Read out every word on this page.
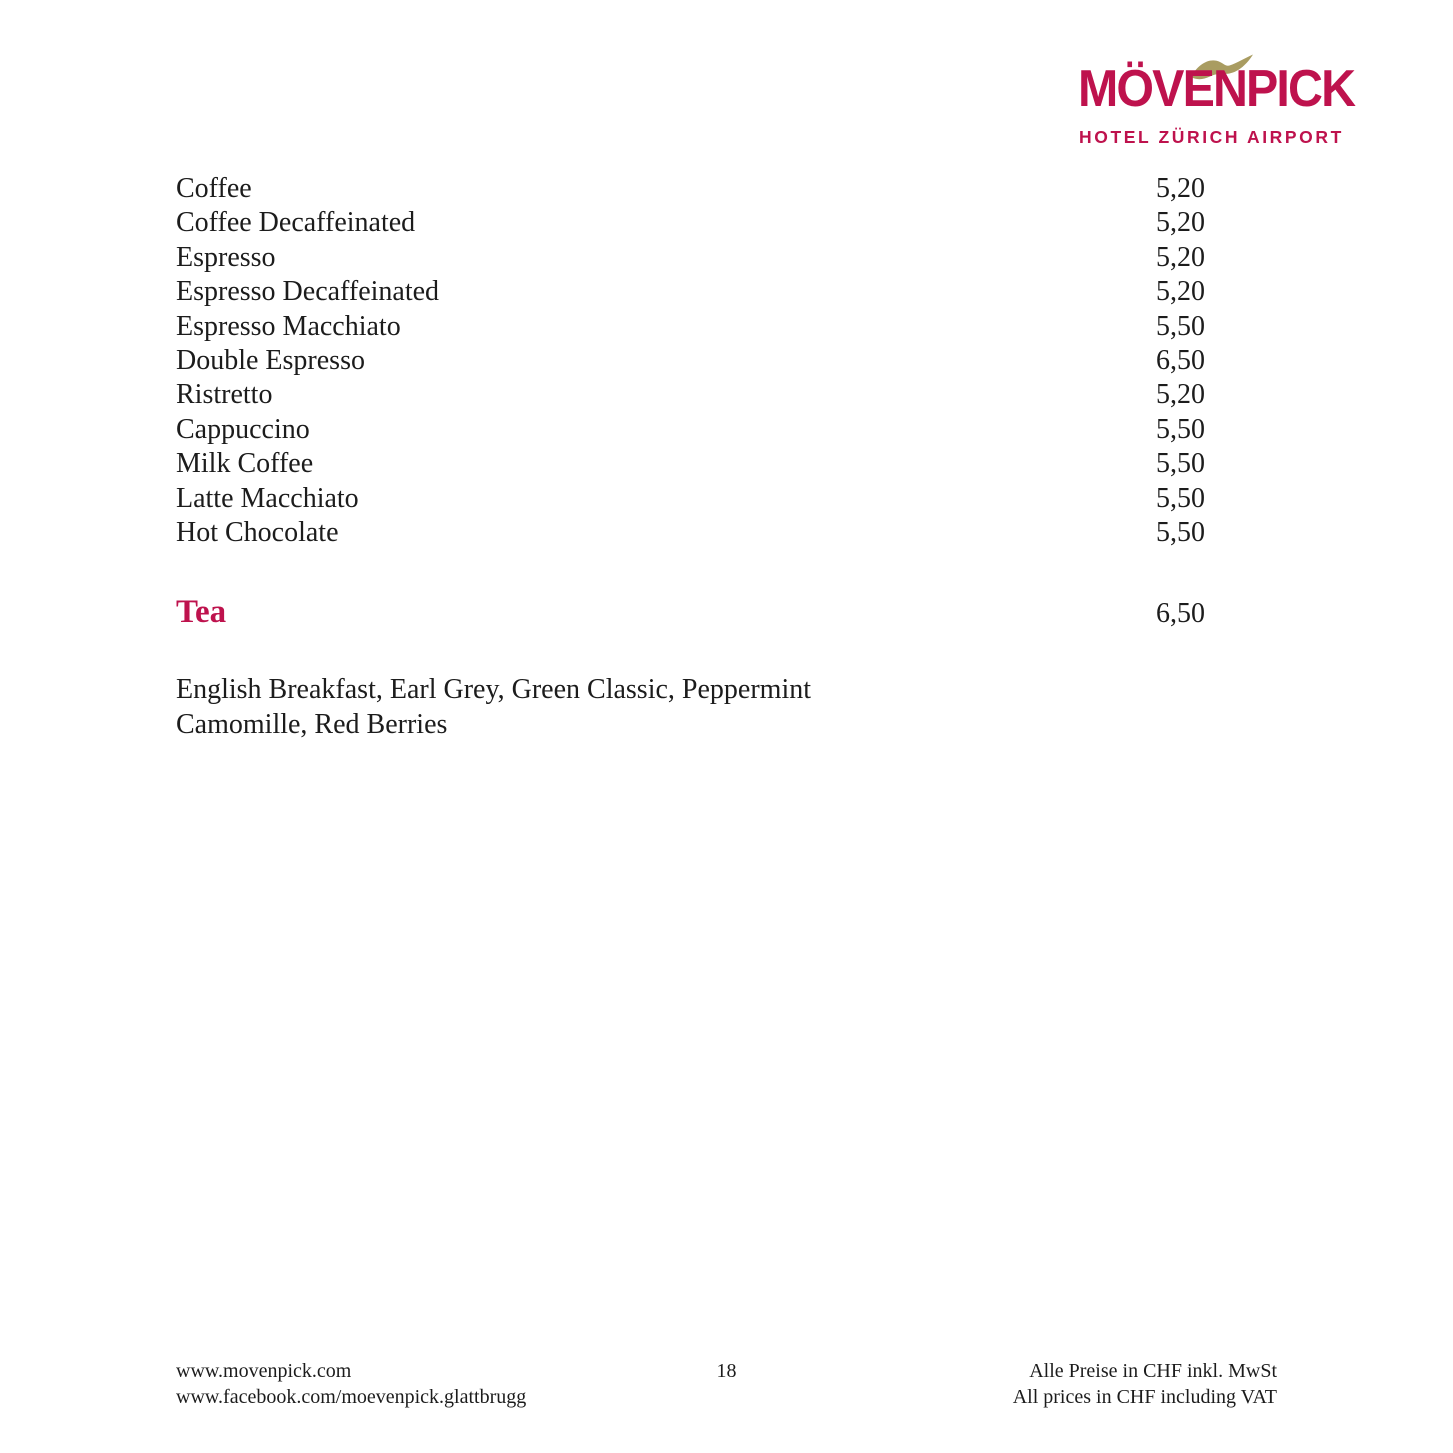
MÖVENPICK
HOTEL ZÜRICH AIRPORT
Coffee	5,20
Coffee Decaffeinated	5,20
Espresso	5,20
Espresso Decaffeinated	5,20
Espresso Macchiato	5,50
Double Espresso	6,50
Ristretto	5,20
Cappuccino	5,50
Milk Coffee	5,50
Latte Macchiato	5,50
Hot Chocolate	5,50
Tea	6,50
English Breakfast, Earl Grey, Green Classic, Peppermint
Camomille, Red Berries
www.movenpick.com
www.facebook.com/moevenpick.glattbrugg
18	Alle Preise in CHF inkl. MwSt
All prices in CHF including VAT
